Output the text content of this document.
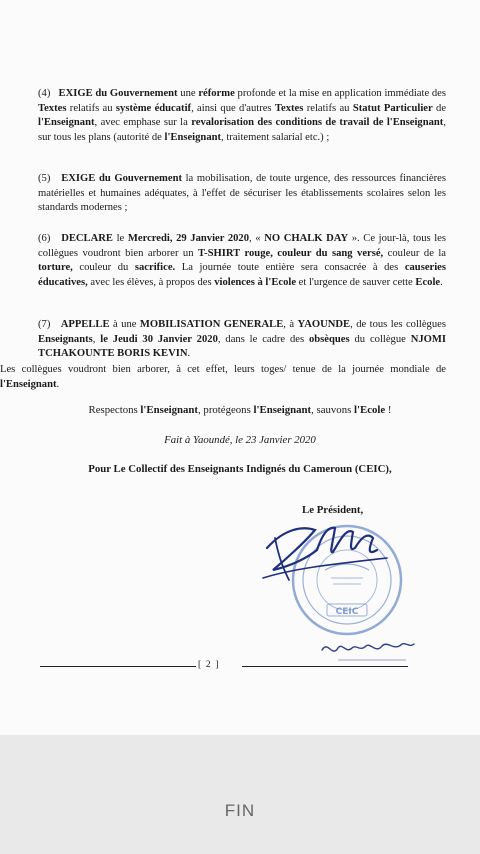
(4) EXIGE du Gouvernement une réforme profonde et la mise en application immédiate des Textes relatifs au système éducatif, ainsi que d'autres Textes relatifs au Statut Particulier de l'Enseignant, avec emphase sur la revalorisation des conditions de travail de l'Enseignant, sur tous les plans (autorité de l'Enseignant, traitement salarial etc.) ;
(5) EXIGE du Gouvernement la mobilisation, de toute urgence, des ressources financières matérielles et humaines adéquates, à l'effet de sécuriser les établissements scolaires selon les standards modernes ;
(6) DECLARE le Mercredi, 29 Janvier 2020, « NO CHALK DAY ». Ce jour-là, tous les collègues voudront bien arborer un T-SHIRT rouge, couleur du sang versé, couleur de la torture, couleur du sacrifice. La journée toute entière sera consacrée à des causeries éducatives, avec les élèves, à propos des violences à l'Ecole et l'urgence de sauver cette Ecole.
(7) APPELLE à une MOBILISATION GENERALE, à YAOUNDE, de tous les collègues Enseignants, le Jeudi 30 Janvier 2020, dans le cadre des obsèques du collègue NJOMI TCHAKOUNTE BORIS KEVIN.
Les collègues voudront bien arborer, à cet effet, leurs toges/ tenue de la journée mondiale de l'Enseignant.
Respectons l'Enseignant, protégeons l'Enseignant, sauvons l'Ecole !
Fait à Yaoundé, le 23 Janvier 2020
Pour Le Collectif des Enseignants Indignés du Cameroun (CEIC),
Le Président,
CEIC
[  2  ]
FIN
